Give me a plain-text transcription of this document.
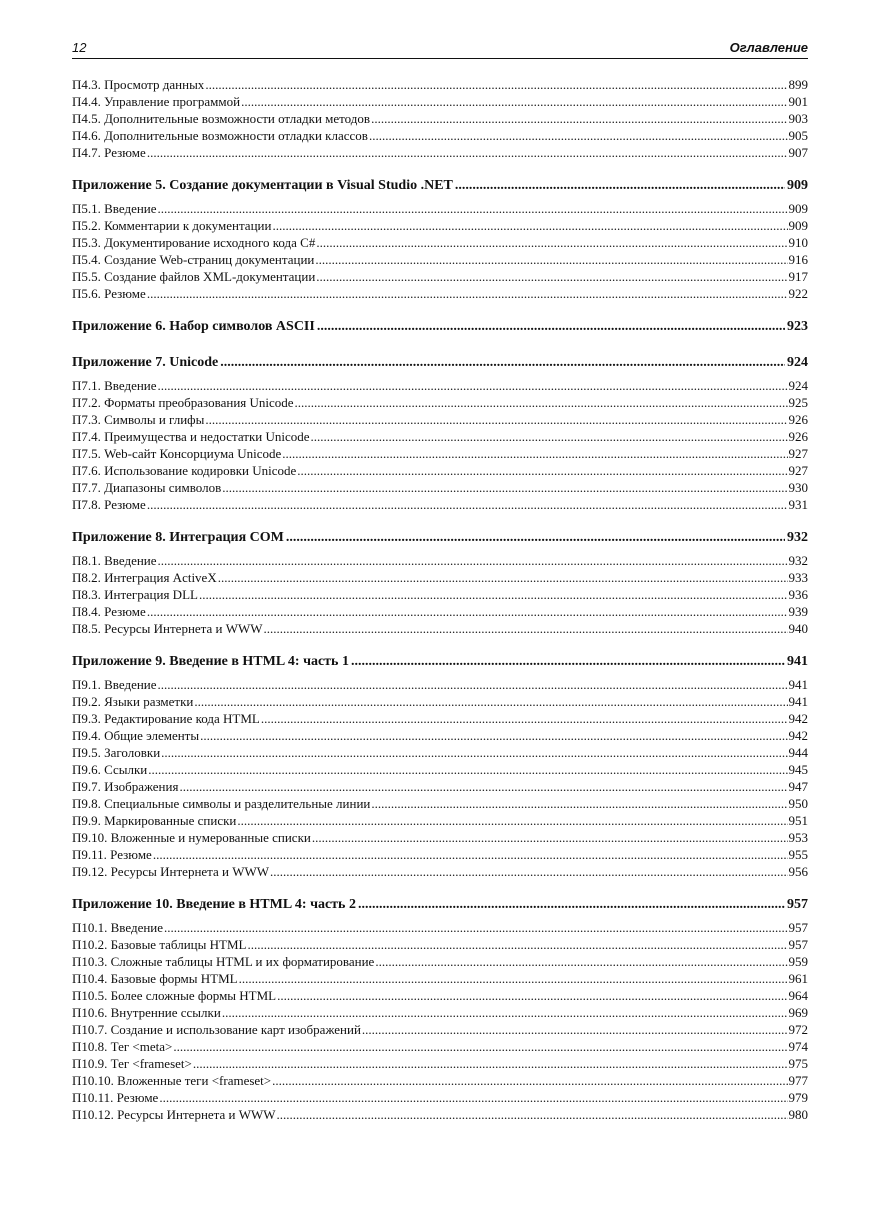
12	Оглавление
П4.3. Просмотр данных .....	899
П4.4. Управление программой .....	901
П4.5. Дополнительные возможности отладки методов .....	903
П4.6. Дополнительные возможности отладки классов .....	905
П4.7. Резюме .....	907
Приложение 5. Создание документации в Visual Studio .NET .....	909
П5.1. Введение .....	909
П5.2. Комментарии к документации .....	909
П5.3. Документирование исходного кода C# .....	910
П5.4. Создание Web-страниц документации .....	916
П5.5. Создание файлов XML-документации .....	917
П5.6. Резюме .....	922
Приложение 6. Набор символов ASCII .....	923
Приложение 7. Unicode .....	924
П7.1. Введение .....	924
П7.2. Форматы преобразования Unicode .....	925
П7.3. Символы и глифы .....	926
П7.4. Преимущества и недостатки Unicode .....	926
П7.5. Web-сайт Консорциума Unicode .....	927
П7.6. Использование кодировки Unicode .....	927
П7.7. Диапазоны символов .....	930
П7.8. Резюме .....	931
Приложение 8. Интеграция COM .....	932
П8.1. Введение .....	932
П8.2. Интеграция ActiveX .....	933
П8.3. Интеграция DLL .....	936
П8.4. Резюме .....	939
П8.5. Ресурсы Интернета и WWW .....	940
Приложение 9. Введение в HTML 4: часть 1 .....	941
П9.1. Введение .....	941
П9.2. Языки разметки .....	941
П9.3. Редактирование кода HTML .....	942
П9.4. Общие элементы .....	942
П9.5. Заголовки .....	944
П9.6. Ссылки .....	945
П9.7. Изображения .....	947
П9.8. Специальные символы и разделительные линии .....	950
П9.9. Маркированные списки .....	951
П9.10. Вложенные и нумерованные списки .....	953
П9.11. Резюме .....	955
П9.12. Ресурсы Интернета и WWW .....	956
Приложение 10. Введение в HTML 4: часть 2 .....	957
П10.1. Введение .....	957
П10.2. Базовые таблицы HTML .....	957
П10.3. Сложные таблицы HTML и их форматирование .....	959
П10.4. Базовые формы HTML .....	961
П10.5. Более сложные формы HTML .....	964
П10.6. Внутренние ссылки .....	969
П10.7. Создание и использование карт изображений .....	972
П10.8. Тег <meta> .....	974
П10.9. Тег <frameset> .....	975
П10.10. Вложенные теги <frameset> .....	977
П10.11. Резюме .....	979
П10.12. Ресурсы Интернета и WWW .....	980
